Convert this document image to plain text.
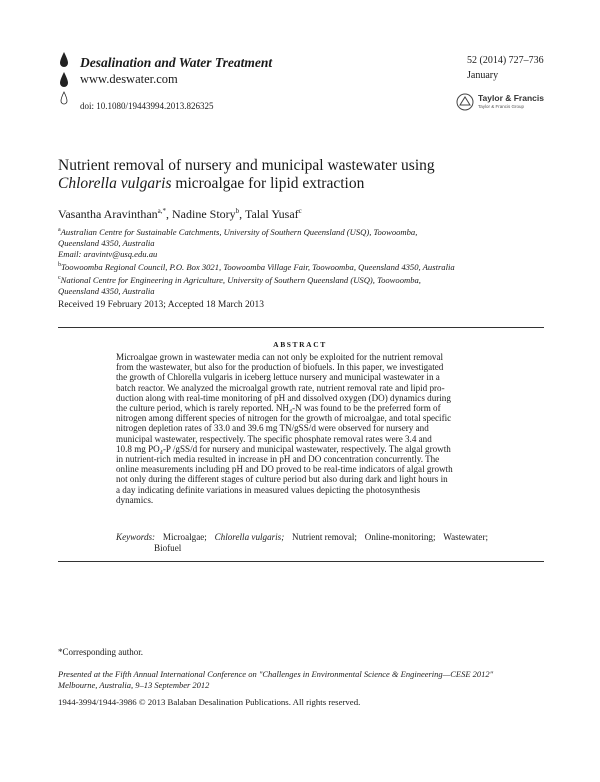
Desalination and Water Treatment
www.deswater.com
doi: 10.1080/19443994.2013.826325
52 (2014) 727–736
January
Taylor & Francis
Taylor & Francis Group
Nutrient removal of nursery and municipal wastewater using
Chlorella vulgaris microalgae for lipid extraction
Vasantha Aravinthan$^{a,*}$, Nadine Story$^b$, Talal Yusaf$^c$
$^a$Australian Centre for Sustainable Catchments, University of Southern Queensland (USQ), Toowoomba,
Queensland 4350, Australia
Email: aravintv@usq.edu.au
$^b$Toowoomba Regional Council, P.O. Box 3021, Toowoomba Village Fair, Toowoomba, Queensland 4350, Australia
$^c$National Centre for Engineering in Agriculture, University of Southern Queensland (USQ), Toowoomba,
Queensland 4350, Australia
Received 19 February 2013; Accepted 18 March 2013
ABSTRACT
Microalgae grown in wastewater media can not only be exploited for the nutrient removal
from the wastewater, but also for the production of biofuels. In this paper, we investigated
the growth of Chlorella vulgaris in iceberg lettuce nursery and municipal wastewater in a
batch reactor. We analyzed the microalgal growth rate, nutrient removal rate and lipid pro-
duction along with real-time monitoring of pH and dissolved oxygen (DO) dynamics during
the culture period, which is rarely reported. NH₄-N was found to be the preferred form of
nitrogen among different species of nitrogen for the growth of microalgae, and total specific
nitrogen depletion rates of 33.0 and 39.6 mg TN/gSS/d were observed for nursery and
municipal wastewater, respectively. The specific phosphate removal rates were 3.4 and
10.8 mg PO₄-P /gSS/d for nursery and municipal wastewater, respectively. The algal growth
in nutrient-rich media resulted in increase in pH and DO concentration concurrently. The
online measurements including pH and DO proved to be real-time indicators of algal growth
not only during the different stages of culture period but also during dark and light hours in
a day indicating definite variations in measured values depicting the photosynthesis
dynamics.
Keywords: Microalgae; Chlorella vulgaris; Nutrient removal; Online-monitoring; Wastewater;
Biofuel
*Corresponding author.
Presented at the Fifth Annual International Conference on "Challenges in Environmental Science & Engineering—CESE 2012"
Melbourne, Australia, 9–13 September 2012
1944-3994/1944-3986 © 2013 Balaban Desalination Publications. All rights reserved.
